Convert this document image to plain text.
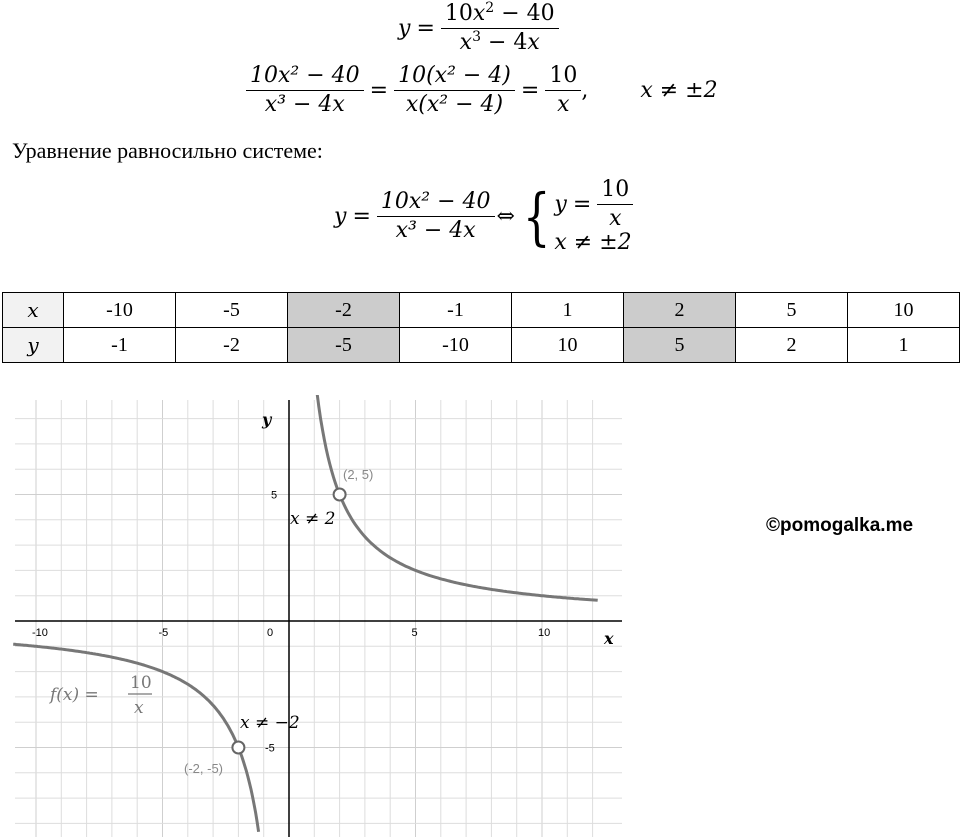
$y = \frac{10x^2 - 40}{x^3 - 4x}$
$\frac{\text{10x² − 40}}{\text{x³ − 4x}} = \frac{\text{10(x² − 4)}}{\text{x(x² − 4)}} = \frac{10}{x}$ , x ≠ ±2
Уравнение равносильно системе:
$y = \frac{\text{10x² − 40}}{\text{x³ − 4x}}$ ⇔ { $y = \frac{10}{x}$
x ≠ ±2
x	-10	-5	-2	-1	1	2	5	10
y	-1	-2	-5	-10	10	5	2	1
-10	-5	0	5	10
5
-5
x
y
(2, 5)
(-2, -5)
x ≠ 2
x ≠ −2
f(x) =
10
x
©pomogalka.me
